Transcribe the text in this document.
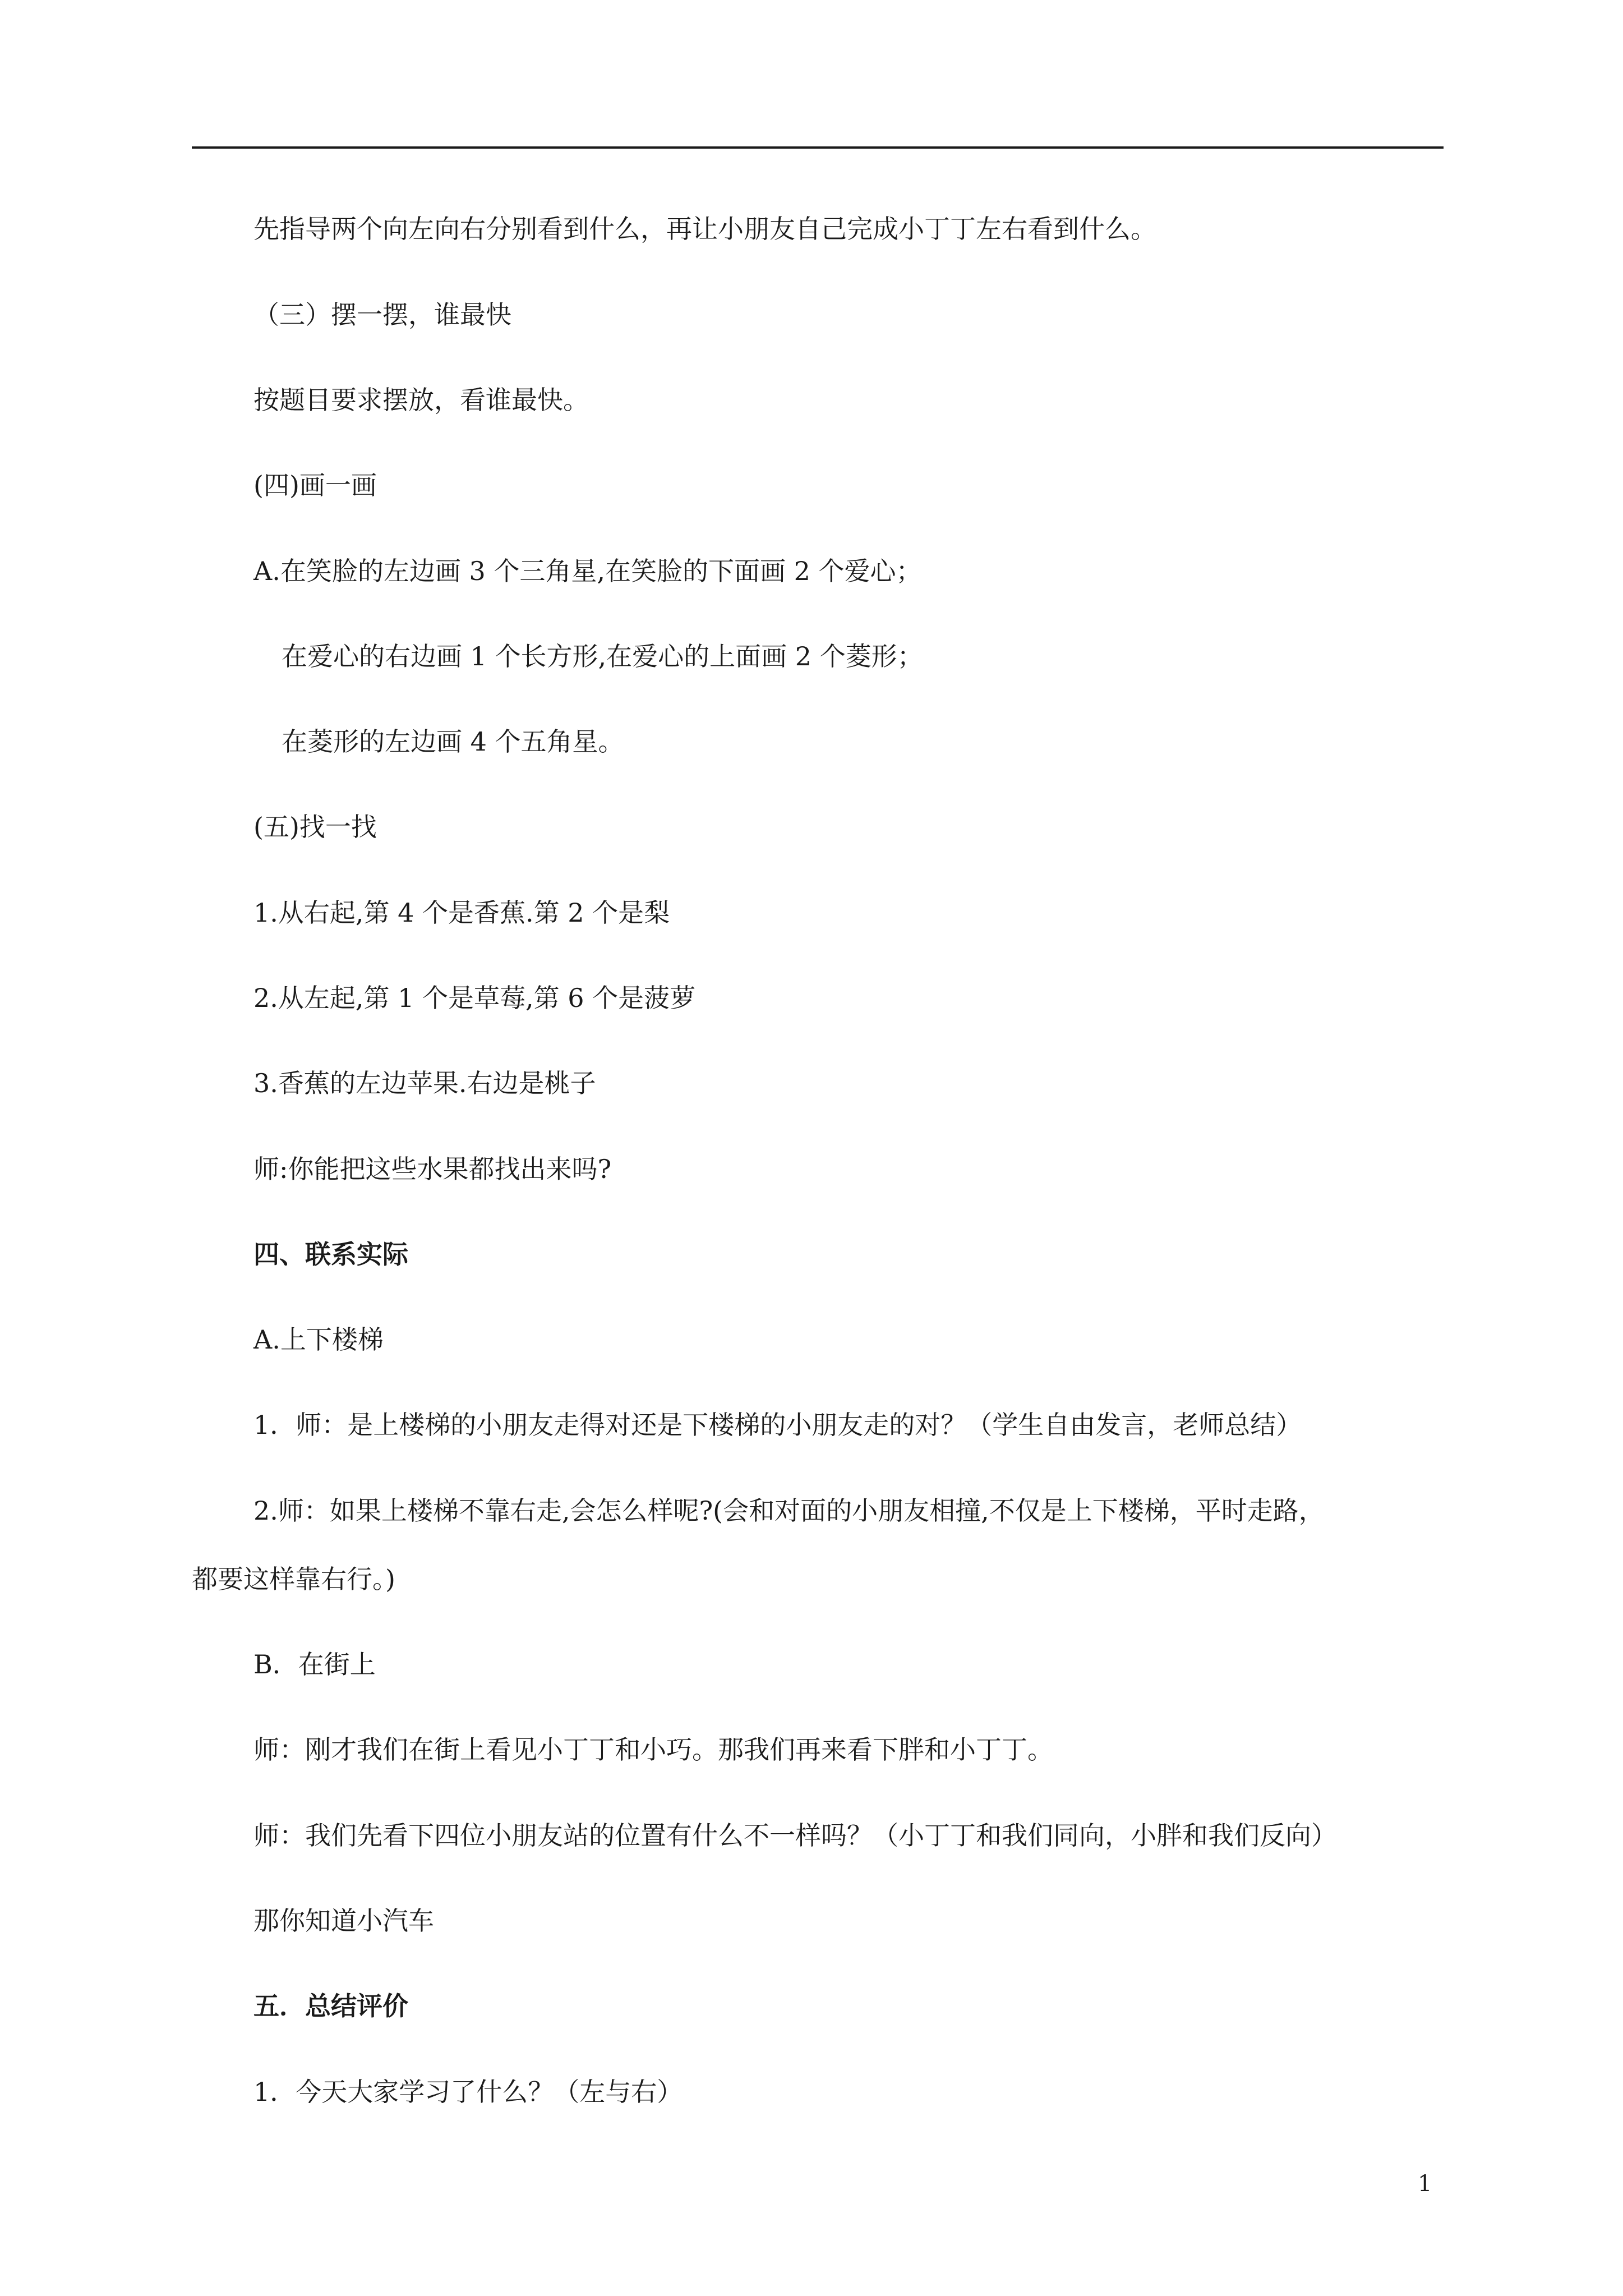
先指导两个向左向右分别看到什么，再让小朋友自己完成小丁丁左右看到什么。
（三）摆一摆，谁最快
按题目要求摆放，看谁最快。
(四)画一画
A.在笑脸的左边画 3 个三角星,在笑脸的下面画 2 个爱心；
在爱心的右边画 1 个长方形,在爱心的上面画 2 个菱形；
在菱形的左边画 4 个五角星。
(五)找一找
1.从右起,第 4 个是香蕉.第 2 个是梨
2.从左起,第 1 个是草莓,第 6 个是菠萝
3.香蕉的左边苹果.右边是桃子
师:你能把这些水果都找出来吗?
四、联系实际
A.上下楼梯
1．师：是上楼梯的小朋友走得对还是下楼梯的小朋友走的对？（学生自由发言，老师总结）
2.师：如果上楼梯不靠右走,会怎么样呢?(会和对面的小朋友相撞,不仅是上下楼梯，平时走路，
都要这样靠右行。)
B．在街上
师：刚才我们在街上看见小丁丁和小巧。那我们再来看下胖和小丁丁。
师：我们先看下四位小朋友站的位置有什么不一样吗？（小丁丁和我们同向，小胖和我们反向）
那你知道小汽车
五．总结评价
1．今天大家学习了什么？（左与右）
1
